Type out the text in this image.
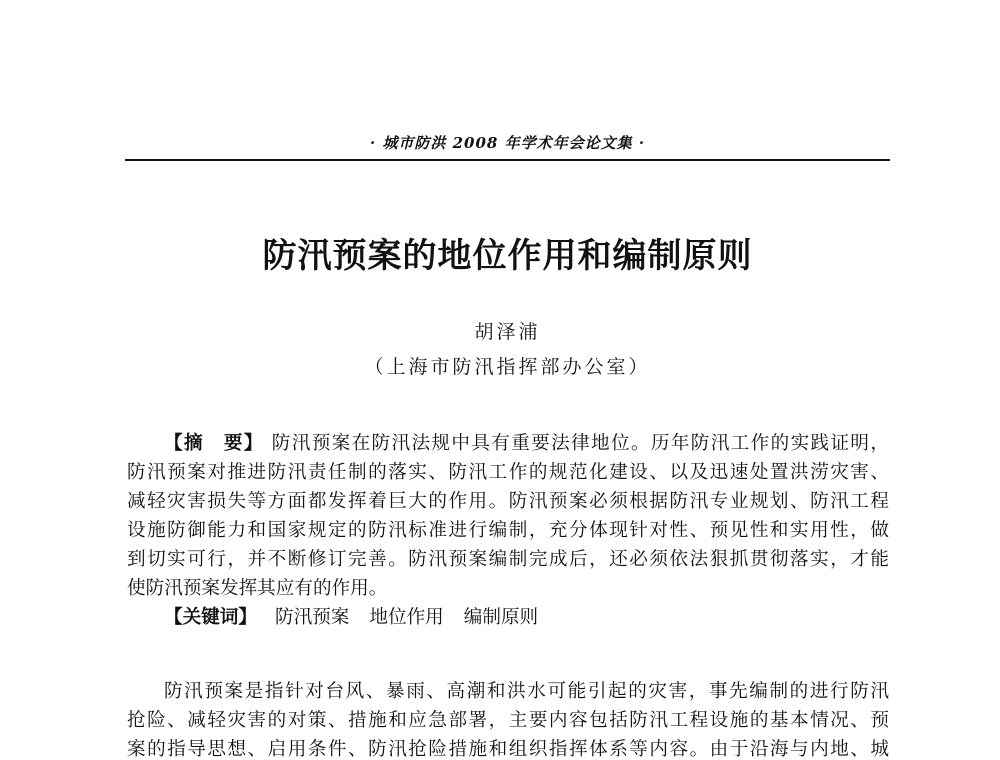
· 城市防洪 2008 年学术年会论文集 ·
防汛预案的地位作用和编制原则
胡泽浦
（上海市防汛指挥部办公室）
【摘　要】 防汛预案在防汛法规中具有重要法律地位。历年防汛工作的实践证明，
防汛预案对推进防汛责任制的落实、防汛工作的规范化建设、以及迅速处置洪涝灾害、
减轻灾害损失等方面都发挥着巨大的作用。防汛预案必须根据防汛专业规划、防汛工程
设施防御能力和国家规定的防汛标准进行编制，充分体现针对性、预见性和实用性，做
到切实可行，并不断修订完善。防汛预案编制完成后，还必须依法狠抓贯彻落实，才能
使防汛预案发挥其应有的作用。
【关键词】 防汛预案 地位作用 编制原则
防汛预案是指针对台风、暴雨、高潮和洪水可能引起的灾害，事先编制的进行防汛
抢险、减轻灾害的对策、措施和应急部署，主要内容包括防汛工程设施的基本情况、预
案的指导思想、启用条件、防汛抢险措施和组织指挥体系等内容。由于沿海与内地、城
